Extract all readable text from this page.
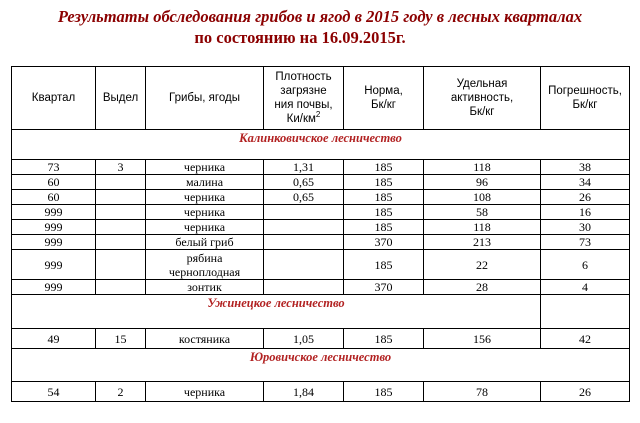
Результаты обследования грибов и ягод в 2015 году в лесных кварталах
по состоянию на 16.09.2015г.
Квартал	Выдел	Грибы, ягоды	Плотность
загрязне
ния почвы,
$Ки/км^2$	Норма,
Бк/кг	Удельная
активность,
Бк/кг	Погрешность,
Бк/кг
Калинковичское лесничество						
73	3	черника	1,31	185	118	38
60		малина	0,65	185	96	34
60		черника	0,65	185	108	26
999		черника		185	58	16
999		черника		185	118	30
999		белый гриб		370	213	73
999		рябина
черноплодная		185	22	6
999		зонтик		370	28	4
Ужинецкое лесничество						
49	15	костяника	1,05	185	156	42
Юровичское лесничество						
54	2	черника	1,84	185	78	26
